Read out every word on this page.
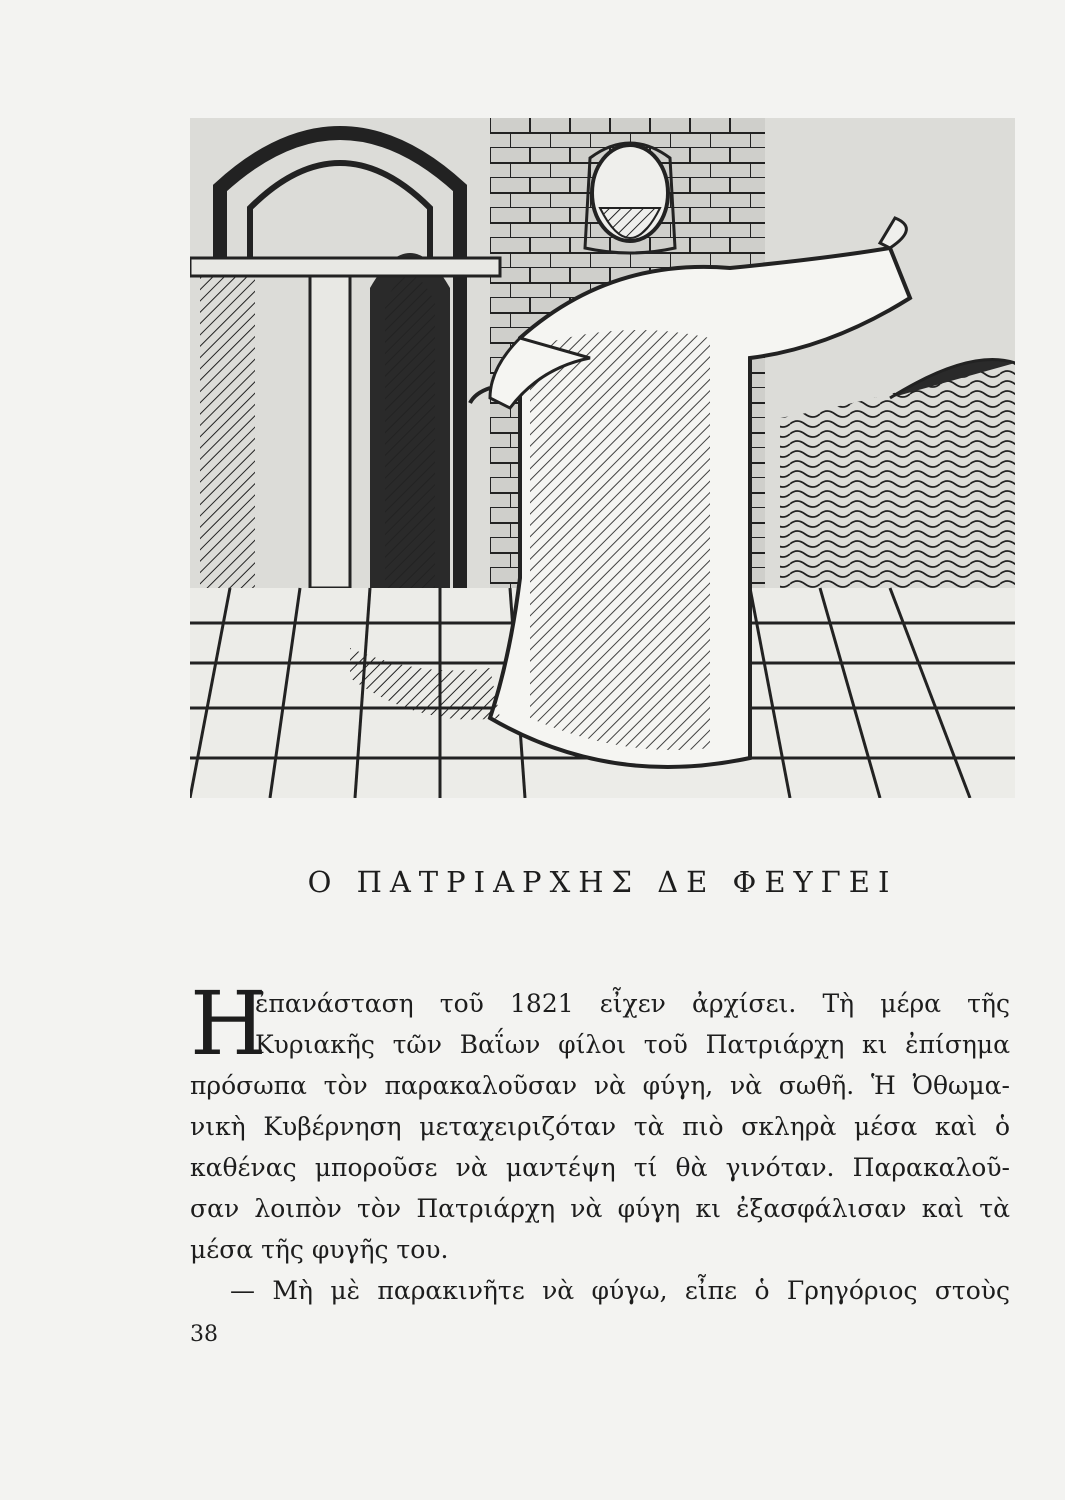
Ο ΠΑΤΡΙΑΡΧΗΣ ΔΕ ΦΕΥΓΕΙ
Η
ἐπανάσταση τοῦ 1821 εἶχεν ἀρχίσει. Τὴ μέρα τῆς
Κυριακῆς τῶν Βαΐων φίλοι τοῦ Πατριάρχη κι ἐπίσημα
πρόσωπα τὸν παρακαλοῦσαν νὰ φύγη, νὰ σωθῆ. Ἡ Ὀθωμα-
νικὴ Κυβέρνηση μεταχειριζόταν τὰ πιὸ σκληρὰ μέσα καὶ ὁ
καθένας μποροῦσε νὰ μαντέψη τί θὰ γινόταν. Παρακαλοῦ-
σαν λοιπὸν τὸν Πατριάρχη νὰ φύγη κι ἐξασφάλισαν καὶ τὰ
μέσα τῆς φυγῆς του.
— Μὴ μὲ παρακινῆτε νὰ φύγω, εἶπε ὁ Γρηγόριος στοὺς
38
